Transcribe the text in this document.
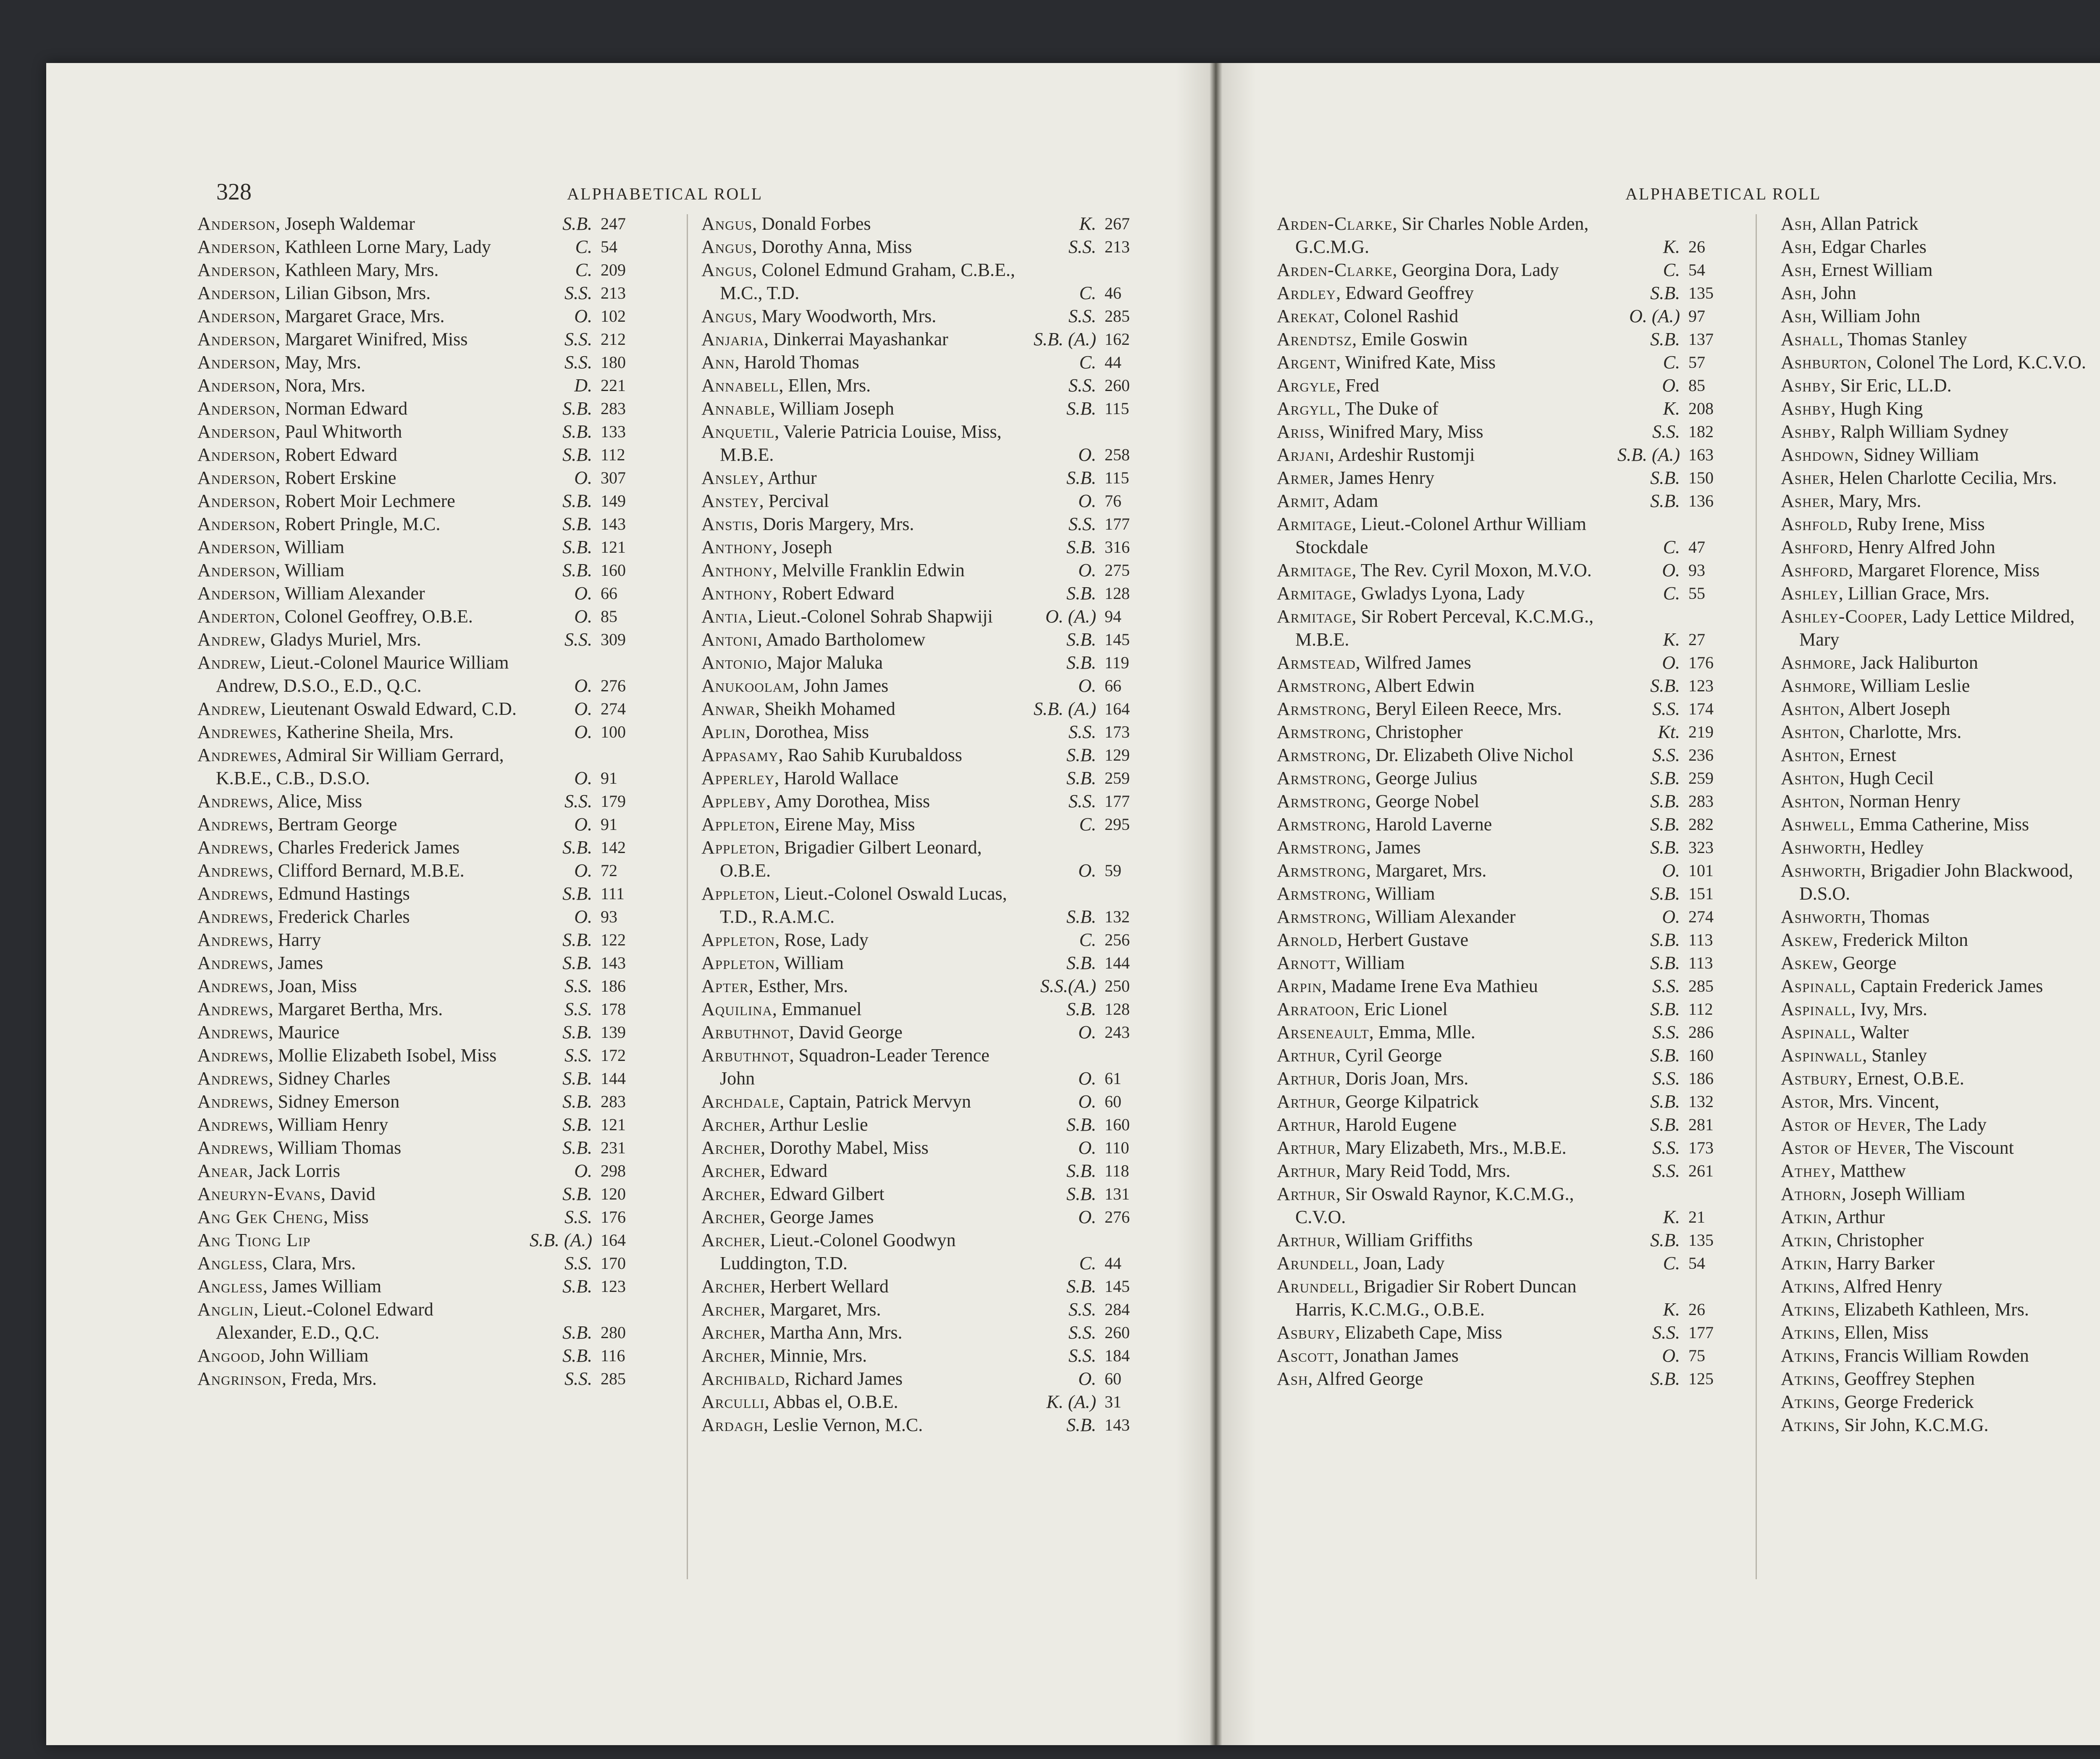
328	ALPHABETICAL ROLL
Anderson, Joseph Waldemar	S.B. 247
Anderson, Kathleen Lorne Mary, Lady	C. 54
Anderson, Kathleen Mary, Mrs.	C. 209
Anderson, Lilian Gibson, Mrs.	S.S. 213
Anderson, Margaret Grace, Mrs.	O. 102
Anderson, Margaret Winifred, Miss	S.S. 212
Anderson, May, Mrs.	S.S. 180
Anderson, Nora, Mrs.	D. 221
Anderson, Norman Edward	S.B. 283
Anderson, Paul Whitworth	S.B. 133
Anderson, Robert Edward	S.B. 112
Anderson, Robert Erskine	O. 307
Anderson, Robert Moir Lechmere	S.B. 149
Anderson, Robert Pringle, M.C.	S.B. 143
Anderson, William	S.B. 121
Anderson, William	S.B. 160
Anderson, William Alexander	O. 66
Anderton, Colonel Geoffrey, O.B.E.	O. 85
Andrew, Gladys Muriel, Mrs.	S.S. 309
Andrew, Lieut.-Colonel Maurice William Andrew, D.S.O., E.D., Q.C.	O. 276
Andrew, Lieutenant Oswald Edward, C.D.	O. 274
Andrewes, Katherine Sheila, Mrs.	O. 100
Andrewes, Admiral Sir William Gerrard, K.B.E., C.B., D.S.O.	O. 91
Andrews, Alice, Miss	S.S. 179
Andrews, Bertram George	O. 91
Andrews, Charles Frederick James	S.B. 142
Andrews, Clifford Bernard, M.B.E.	O. 72
Andrews, Edmund Hastings	S.B. 111
Andrews, Frederick Charles	O. 93
Andrews, Harry	S.B. 122
Andrews, James	S.B. 143
Andrews, Joan, Miss	S.S. 186
Andrews, Margaret Bertha, Mrs.	S.S. 178
Andrews, Maurice	S.B. 139
Andrews, Mollie Elizabeth Isobel, Miss	S.S. 172
Andrews, Sidney Charles	S.B. 144
Andrews, Sidney Emerson	S.B. 283
Andrews, William Henry	S.B. 121
Andrews, William Thomas	S.B. 231
Anear, Jack Lorris	O. 298
Aneuryn-Evans, David	S.B. 120
Ang Gek Cheng, Miss	S.S. 176
Ang Tiong Lip	S.B. (A.) 164
Angless, Clara, Mrs.	S.S. 170
Angless, James William	S.B. 123
Anglin, Lieut.-Colonel Edward Alexander, E.D., Q.C.	S.B. 280
Angood, John William	S.B. 116
Angrinson, Freda, Mrs.	S.S. 285
Angus, Donald Forbes	K. 267
Angus, Dorothy Anna, Miss	S.S. 213
Angus, Colonel Edmund Graham, C.B.E., M.C., T.D.	C. 46
Angus, Mary Woodworth, Mrs.	S.S. 285
Anjaria, Dinkerrai Mayashankar	S.B. (A.) 162
Ann, Harold Thomas	C. 44
Annabell, Ellen, Mrs.	S.S. 260
Annable, William Joseph	S.B. 115
Anquetil, Valerie Patricia Louise, Miss, M.B.E.	O. 258
Ansley, Arthur	S.B. 115
Anstey, Percival	O. 76
Anstis, Doris Margery, Mrs.	S.S. 177
Anthony, Joseph	S.B. 316
Anthony, Melville Franklin Edwin	O. 275
Anthony, Robert Edward	S.B. 128
Antia, Lieut.-Colonel Sohrab Shapwiji	O. (A.) 94
Antoni, Amado Bartholomew	S.B. 145
Antonio, Major Maluka	S.B. 119
Anukoolam, John James	O. 66
Anwar, Sheikh Mohamed	S.B. (A.) 164
Aplin, Dorothea, Miss	S.S. 173
Appasamy, Rao Sahib Kurubaldoss	S.B. 129
Apperley, Harold Wallace	S.B. 259
Appleby, Amy Dorothea, Miss	S.S. 177
Appleton, Eirene May, Miss	C. 295
Appleton, Brigadier Gilbert Leonard, O.B.E.	O. 59
Appleton, Lieut.-Colonel Oswald Lucas, T.D., R.A.M.C.	S.B. 132
Appleton, Rose, Lady	C. 256
Appleton, William	S.B. 144
Apter, Esther, Mrs.	S.S.(A.) 250
Aquilina, Emmanuel	S.B. 128
Arbuthnot, David George	O. 243
Arbuthnot, Squadron-Leader Terence John	O. 61
Archdale, Captain, Patrick Mervyn	O. 60
Archer, Arthur Leslie	S.B. 160
Archer, Dorothy Mabel, Miss	O. 110
Archer, Edward	S.B. 118
Archer, Edward Gilbert	S.B. 131
Archer, George James	O. 276
Archer, Lieut.-Colonel Goodwyn Luddington, T.D.	C. 44
Archer, Herbert Wellard	S.B. 145
Archer, Margaret, Mrs.	S.S. 284
Archer, Martha Ann, Mrs.	S.S. 260
Archer, Minnie, Mrs.	S.S. 184
Archibald, Richard James	O. 60
Arculli, Abbas el, O.B.E.	K. (A.) 31
Ardagh, Leslie Vernon, M.C.	S.B. 143
ALPHABETICAL ROLL
Arden-Clarke, Sir Charles Noble Arden, G.C.M.G.	K. 26
Arden-Clarke, Georgina Dora, Lady	C. 54
Ardley, Edward Geoffrey	S.B. 135
Arekat, Colonel Rashid	O. (A.) 97
Arendtsz, Emile Goswin	S.B. 137
Argent, Winifred Kate, Miss	C. 57
Argyle, Fred	O. 85
Argyll, The Duke of	K. 208
Ariss, Winifred Mary, Miss	S.S. 182
Arjani, Ardeshir Rustomji	S.B. (A.) 163
Armer, James Henry	S.B. 150
Armit, Adam	S.B. 136
Armitage, Lieut.-Colonel Arthur William Stockdale	C. 47
Armitage, The Rev. Cyril Moxon, M.V.O.	O. 93
Armitage, Gwladys Lyona, Lady	C. 55
Armitage, Sir Robert Perceval, K.C.M.G., M.B.E.	K. 27
Armstead, Wilfred James	O. 176
Armstrong, Albert Edwin	S.B. 123
Armstrong, Beryl Eileen Reece, Mrs.	S.S. 174
Armstrong, Christopher	Kt. 219
Armstrong, Dr. Elizabeth Olive Nichol	S.S. 236
Armstrong, George Julius	S.B. 259
Armstrong, George Nobel	S.B. 283
Armstrong, Harold Laverne	S.B. 282
Armstrong, James	S.B. 323
Armstrong, Margaret, Mrs.	O. 101
Armstrong, William	S.B. 151
Armstrong, William Alexander	O. 274
Arnold, Herbert Gustave	S.B. 113
Arnott, William	S.B. 113
Arpin, Madame Irene Eva Mathieu	S.S. 285
Arratoon, Eric Lionel	S.B. 112
Arseneault, Emma, Mlle.	S.S. 286
Arthur, Cyril George	S.B. 160
Arthur, Doris Joan, Mrs.	S.S. 186
Arthur, George Kilpatrick	S.B. 132
Arthur, Harold Eugene	S.B. 281
Arthur, Mary Elizabeth, Mrs., M.B.E.	S.S. 173
Arthur, Mary Reid Todd, Mrs.	S.S. 261
Arthur, Sir Oswald Raynor, K.C.M.G., C.V.O.	K. 21
Arthur, William Griffiths	S.B. 135
Arundell, Joan, Lady	C. 54
Arundell, Brigadier Sir Robert Duncan Harris, K.C.M.G., O.B.E.	K. 26
Asbury, Elizabeth Cape, Miss	S.S. 177
Ascott, Jonathan James	O. 75
Ash, Alfred George	S.B. 125
Ash, Allan Patrick
Ash, Edgar Charles
Ash, Ernest William
Ash, John
Ash, William John
Ashall, Thomas Stanley
Ashburton, Colonel The Lord, K.C.V.O.
Ashby, Sir Eric, LL.D.
Ashby, Hugh King
Ashby, Ralph William Sydney
Ashdown, Sidney William
Asher, Helen Charlotte Cecilia, Mrs.
Asher, Mary, Mrs.
Ashfold, Ruby Irene, Miss
Ashford, Henry Alfred John
Ashford, Margaret Florence, Miss
Ashley, Lillian Grace, Mrs.
Ashley-Cooper, Lady Lettice Mildred, Mary
Ashmore, Jack Haliburton
Ashmore, William Leslie
Ashton, Albert Joseph
Ashton, Charlotte, Mrs.
Ashton, Ernest
Ashton, Hugh Cecil
Ashton, Norman Henry
Ashwell, Emma Catherine, Miss
Ashworth, Hedley
Ashworth, Brigadier John Blackwood, D.S.O.
Ashworth, Thomas
Askew, Frederick Milton
Askew, George
Aspinall, Captain Frederick James
Aspinall, Ivy, Mrs.
Aspinall, Walter
Aspinwall, Stanley
Astbury, Ernest, O.B.E.
Astor, Mrs. Vincent,
Astor of Hever, The Lady
Astor of Hever, The Viscount
Athey, Matthew
Athorn, Joseph William
Atkin, Arthur
Atkin, Christopher
Atkin, Harry Barker
Atkins, Alfred Henry
Atkins, Elizabeth Kathleen, Mrs.
Atkins, Ellen, Miss
Atkins, Francis William Rowden
Atkins, Geoffrey Stephen
Atkins, George Frederick
Atkins, Sir John, K.C.M.G.
